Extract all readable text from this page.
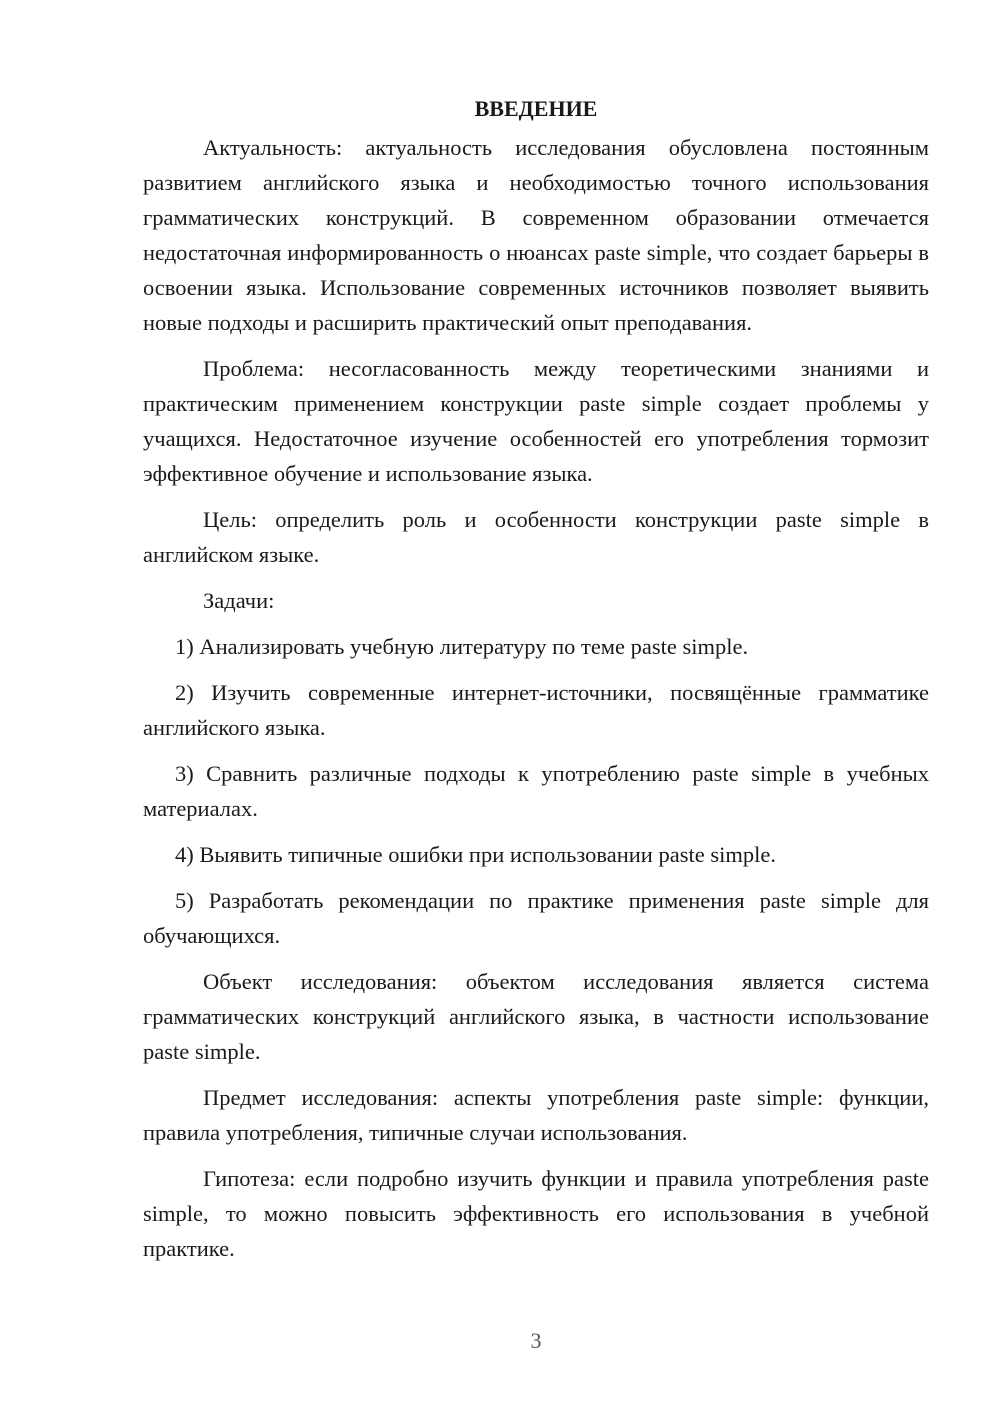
ВВЕДЕНИЕ

Актуальность: актуальность исследования обусловлена постоянным развитием английского языка и необходимостью точного использования грамматических конструкций. В современном образовании отмечается недостаточная информированность о нюансах paste simple, что создает барьеры в освоении языка. Использование современных источников позволяет выявить новые подходы и расширить практический опыт преподавания.

Проблема: несогласованность между теоретическими знаниями и практическим применением конструкции paste simple создает проблемы у учащихся. Недостаточное изучение особенностей его употребления тормозит эффективное обучение и использование языка.

Цель: определить роль и особенности конструкции paste simple в английском языке.

Задачи:

1) Анализировать учебную литературу по теме paste simple.

2) Изучить современные интернет-источники, посвящённые грамматике английского языка.

3) Сравнить различные подходы к употреблению paste simple в учебных материалах.

4) Выявить типичные ошибки при использовании paste simple.

5) Разработать рекомендации по практике применения paste simple для обучающихся.

Объект исследования: объектом исследования является система грамматических конструкций английского языка, в частности использование paste simple.

Предмет исследования: аспекты употребления paste simple: функции, правила употребления, типичные случаи использования.

Гипотеза: если подробно изучить функции и правила употребления paste simple, то можно повысить эффективность его использования в учебной практике.

3
